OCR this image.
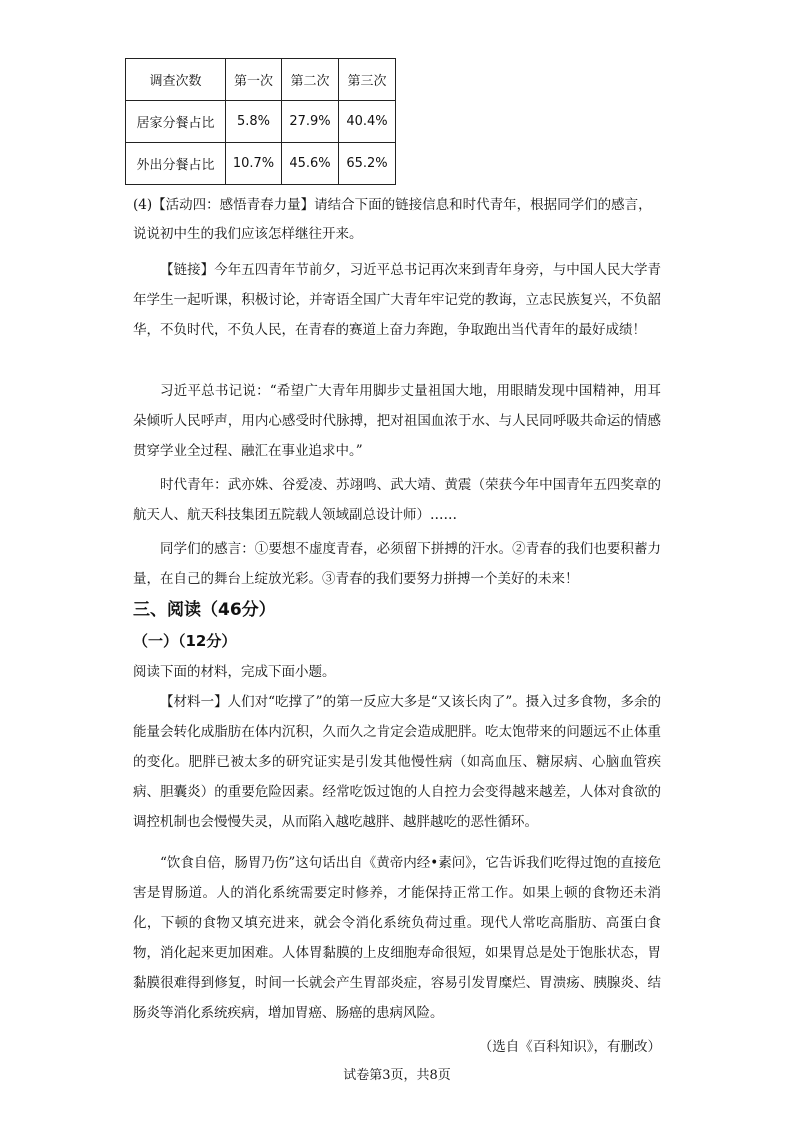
调查次数	第一次	第二次	第三次
居家分餐占比	5.8%	27.9%	40.4%
外出分餐占比	10.7%	45.6%	65.2%

(4)【活动四：感悟青春力量】请结合下面的链接信息和时代青年，根据同学们的感言，说说初中生的我们应该怎样继往开来。

【链接】今年五四青年节前夕，习近平总书记再次来到青年身旁，与中国人民大学青年学生一起听课，积极讨论，并寄语全国广大青年牢记党的教诲，立志民族复兴，不负韶华，不负时代，不负人民，在青春的赛道上奋力奔跑，争取跑出当代青年的最好成绩！

习近平总书记说：“希望广大青年用脚步丈量祖国大地，用眼睛发现中国精神，用耳朵倾听人民呼声，用内心感受时代脉搏，把对祖国血浓于水、与人民同呼吸共命运的情感贯穿学业全过程、融汇在事业追求中。”

时代青年：武亦姝、谷爱凌、苏翊鸣、武大靖、黄震（荣获今年中国青年五四奖章的航天人、航天科技集团五院载人领域副总设计师）……

同学们的感言：①要想不虚度青春，必须留下拼搏的汗水。②青春的我们也要积蓄力量，在自己的舞台上绽放光彩。③青春的我们要努力拼搏一个美好的未来！

三、阅读（46分）
（一）（12分）

阅读下面的材料，完成下面小题。

【材料一】人们对“吃撑了”的第一反应大多是“又该长肉了”。摄入过多食物，多余的能量会转化成脂肪在体内沉积，久而久之肯定会造成肥胖。吃太饱带来的问题远不止体重的变化。肥胖已被太多的研究证实是引发其他慢性病（如高血压、糖尿病、心脑血管疾病、胆囊炎）的重要危险因素。经常吃饭过饱的人自控力会变得越来越差，人体对食欲的调控机制也会慢慢失灵，从而陷入越吃越胖、越胖越吃的恶性循环。

“饮食自倍，肠胃乃伤”这句话出自《黄帝内经•素问》，它告诉我们吃得过饱的直接危害是胃肠道。人的消化系统需要定时修养，才能保持正常工作。如果上顿的食物还未消化，下顿的食物又填充进来，就会令消化系统负荷过重。现代人常吃高脂肪、高蛋白食物，消化起来更加困难。人体胃黏膜的上皮细胞寿命很短，如果胃总是处于饱胀状态，胃黏膜很难得到修复，时间一长就会产生胃部炎症，容易引发胃糜烂、胃溃疡、胰腺炎、结肠炎等消化系统疾病，增加胃癌、肠癌的患病风险。

（选自《百科知识》，有删改）

试卷第3页，共8页
